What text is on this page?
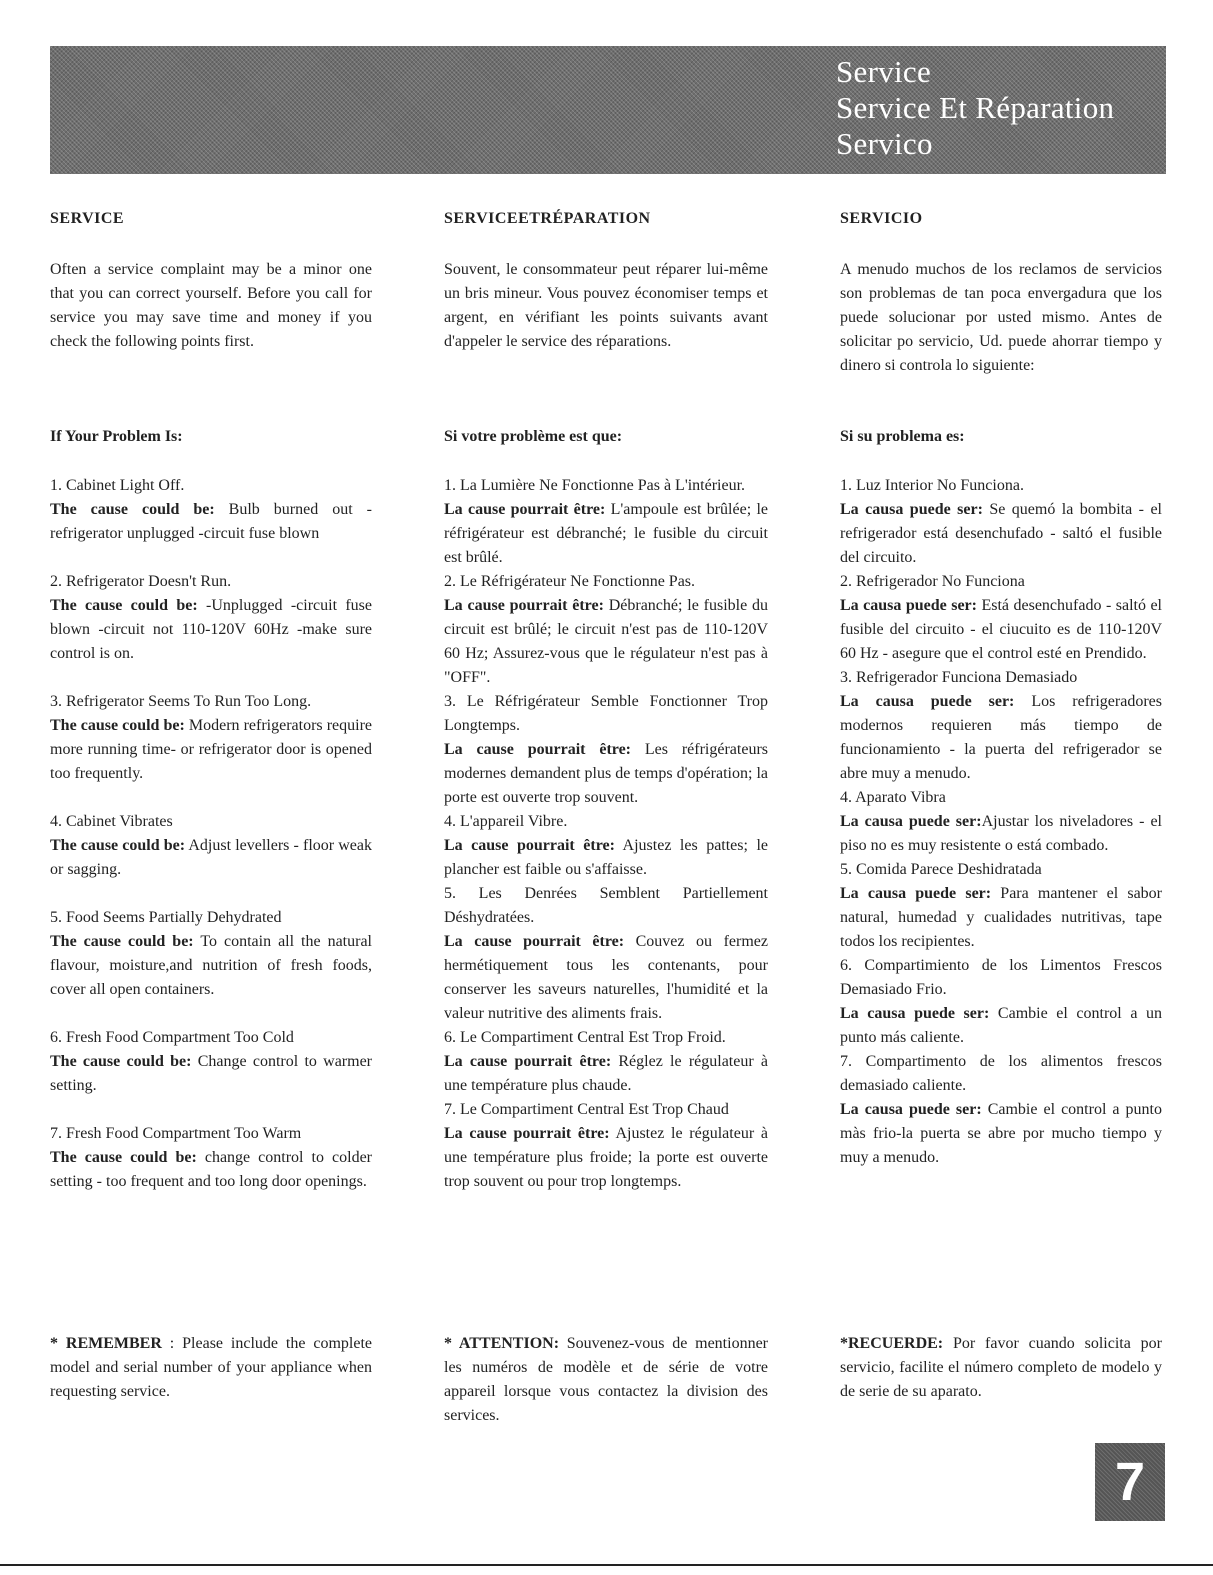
Service
Service Et Réparation
Servico
SERVICE

Often a service complaint may be a minor one that you can correct yourself. Before you call for service you may save time and money if you check the following points first.

If Your Problem Is:
1. Cabinet Light Off.
The cause could be: Bulb burned out - refrigerator unplugged -circuit fuse blown
2. Refrigerator Doesn't Run.
The cause could be: -Unplugged -circuit fuse blown -circuit not 110-120V 60Hz -make sure control is on.
3. Refrigerator Seems To Run Too Long.
The cause could be: Modern refrigerators require more running time- or refrigerator door is opened too frequently.
4. Cabinet Vibrates
The cause could be: Adjust levellers - floor weak or sagging.
5. Food Seems Partially Dehydrated
The cause could be: To contain all the natural flavour, moisture,and nutrition of fresh foods, cover all open containers.
6. Fresh Food Compartment Too Cold
The cause could be: Change control to warmer setting.
7. Fresh Food Compartment Too Warm
The cause could be: change control to colder setting - too frequent and too long door openings.
* REMEMBER : Please include the complete model and serial number of your appliance when requesting service.
SERVICEETRÉPARATION

Souvent, le consommateur peut réparer lui-même un bris mineur. Vous pouvez économiser temps et argent, en vérifiant les points suivants avant d'appeler le service des réparations.

Si votre problème est que:
1. La Lumière Ne Fonctionne Pas à L'intérieur.
La cause pourrait être: L'ampoule est brûlée; le réfrigérateur est débranché; le fusible du circuit est brûlé.
2. Le Réfrigérateur Ne Fonctionne Pas.
La cause pourrait être: Débranché; le fusible du circuit est brûlé; le circuit n'est pas de 110-120V 60 Hz; Assurez-vous que le régulateur n'est pas à "OFF".
3. Le Réfrigérateur Semble Fonctionner Trop Longtemps.
La cause pourrait être: Les réfrigérateurs modernes demandent plus de temps d'opération; la porte est ouverte trop souvent.
4. L'appareil Vibre.
La cause pourrait être: Ajustez les pattes; le plancher est faible ou s'affaisse.
5. Les Denrées Semblent Partiellement Déshydratées.
La cause pourrait être: Couvez ou fermez hermétiquement tous les contenants, pour conserver les saveurs naturelles, l'humidité et la valeur nutritive des aliments frais.
6. Le Compartiment Central Est Trop Froid.
La cause pourrait être: Réglez le régulateur à une température plus chaude.
7. Le Compartiment Central Est Trop Chaud
La cause pourrait être: Ajustez le régulateur à une température plus froide; la porte est ouverte trop souvent ou pour trop longtemps.
* ATTENTION: Souvenez-vous de mentionner les numéros de modèle et de série de votre appareil lorsque vous contactez la division des services.
SERVICIO

A menudo muchos de los reclamos de servicios son problemas de tan poca envergadura que los puede solucionar por usted mismo. Antes de solicitar po servicio, Ud. puede ahorrar tiempo y dinero si controla lo siguiente:

Si su problema es:
1. Luz Interior No Funciona.
La causa puede ser: Se quemó la bombita - el refrigerador está desenchufado - saltó el fusible del circuito.
2. Refrigerador No Funciona
La causa puede ser: Está desenchufado - saltó el fusible del circuito - el ciucuito es de 110-120V 60 Hz - asegure que el control esté en Prendido.
3. Refrigerador Funciona Demasiado
La causa puede ser: Los refrigeradores modernos requieren más tiempo de funcionamiento - la puerta del refrigerador se abre muy a menudo.
4. Aparato Vibra
La causa puede ser:Ajustar los niveladores - el piso no es muy resistente o está combado.
5. Comida Parece Deshidratada
La causa puede ser: Para mantener el sabor natural, humedad y cualidades nutritivas, tape todos los recipientes.
6. Compartimiento de los Limentos Frescos Demasiado Frio.
La causa puede ser: Cambie el control a un punto más caliente.
7. Compartimento de los alimentos frescos demasiado caliente.
La causa puede ser: Cambie el control a punto màs frio-la puerta se abre por mucho tiempo y muy a menudo.
*RECUERDE: Por favor cuando solicita por servicio, facilite el número completo de modelo y de serie de su aparato.
7
